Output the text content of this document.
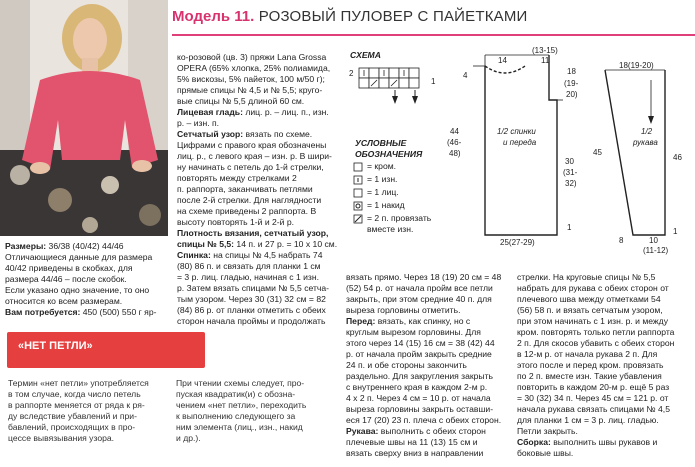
Модель 11. РОЗОВЫЙ ПУЛОВЕР С ПАЙЕТКАМИ
Размеры: 36/38 (40/42) 44/46
Отличающиеся данные для размера
40/42 приведены в скобках, для
размера 44/46 – после скобок.
Если указано одно значение, то оно
относится ко всем размерам.
Вам потребуется: 450 (500) 550 г яр-
ко-розовой (цв. 3) пряжи Lana Grossa
OPERA (65% хлопка, 25% полиамида,
5% вискозы, 5% пайеток, 100 м/50 г);
прямые спицы № 4,5 и № 5,5; круго-
вые спицы № 5,5 длиной 60 см.
Лицевая гладь: лиц. р. – лиц. п., изн.
р. – изн. п.
Сетчатый узор: вязать по схеме.
Цифрами с правого края обозначены
лиц. р., с левого края – изн. р. В шири-
ну начинать с петель до 1-й стрелки,
повторять между стрелками 2
п. раппорта, заканчивать петлями
после 2-й стрелки. Для наглядности
на схеме приведены 2 раппорта. В
высоту повторять 1-й и 2-й р.
Плотность вязания, сетчатый узор,
спицы № 5,5: 14 п. и 27 р. = 10 х 10 см.
Спинка: на спицы № 4,5 набрать 74
(80) 86 п. и связать для планки 1 см
= 3 р. лиц. гладью, начиная с 1 изн.
р. Затем вязать спицами № 5,5 сетча-
тым узором. Через 30 (31) 32 см = 82
(84) 86 р. от планки отметить с обеих
сторон начала проймы и продолжать
СХЕМА
2
1
УСЛОВНЫЕ
ОБОЗНАЧЕНИЯ
= кром.
= 1 изн.
= 1 лиц.
= 1 накид
= 2 п. провязать
вместе изн.
(13-15)
14	11
4	18
(19-
20)
44
(46-
48)
30
(31-
32)
1
25(27-29)
1/2 спинки
и переда
18(19-20)
1/2
рукава
45
46
8	10
(11-12)
1
вязать прямо. Через 18 (19) 20 см = 48
(52) 54 р. от начала пройм все петли
закрыть, при этом средние 40 п. для
вырезa горловины отметить.
Перед: вязать, как спинку, но с
круглым вырезом горловины. Для
этого через 14 (15) 16 см = 38 (42) 44
р. от начала пройм закрыть средние
24 п. и обе стороны закончить
раздельно. Для закругления закрыть
с внутреннего края в каждом 2-м р.
4 х 2 п. Через 4 см = 10 р. от начала
выреза горловины закрыть оставши-
еся 17 (20) 23 п. плеча с обеих сторон.
Рукава: выполнить с обеих сторон
плечевые швы на 11 (13) 15 см и
вязать сверху вниз в направлении
стрелки. На круговые спицы № 5,5
набрать для рукава с обеих сторон от
плечевого шва между отметками 54
(56) 58 п. и вязать сетчатым узором,
при этом начинать с 1 изн. р. и между
кром. повторять только петли раппорта
2 п. Для скосов убавить с обеих сторон
в 12-м р. от начала рукава 2 п. Для
этого после и перед кром. провязать
по 2 п. вместе изн. Такие убавления
повторить в каждом 20-м р. ещё 5 раз
= 30 (32) 34 п. Через 45 см = 121 р. от
начала рукава связать спицами № 4,5
для планки 1 см = 3 р. лиц. гладью.
Петли закрыть.
Сборка: выполнить швы рукавов и
боковые швы.
«НЕТ ПЕТЛИ»
Термин «нет петли» употребляется
в том случае, когда число петель
в раппорте меняется от ряда к ря-
ду вследствие убавлений и при-
бавлений, происходящих в про-
цессе вывязывания узора.
При чтении схемы следует, про-
пуская квадратик(и) с обозна-
чением «нет петли», переходить
к выполнению следующего за
ним элемента (лиц., изн., накид
и др.).
